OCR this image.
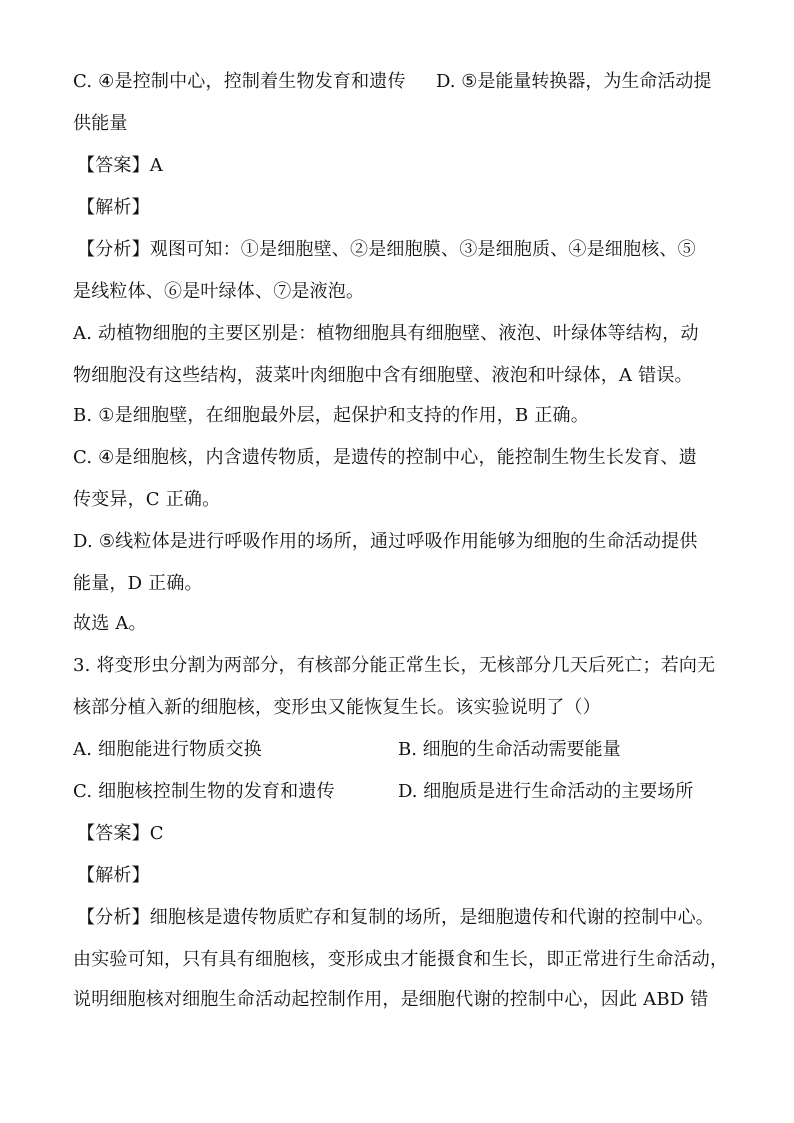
C. ④是控制中心，控制着生物发育和遗传 D. ⑤是能量转换器，为生命活动提
供能量
【答案】A
【解析】
【分析】观图可知：①是细胞壁、②是细胞膜、③是细胞质、④是细胞核、⑤
是线粒体、⑥是叶绿体、⑦是液泡。
A. 动植物细胞的主要区别是：植物细胞具有细胞壁、液泡、叶绿体等结构，动
物细胞没有这些结构，菠菜叶肉细胞中含有细胞壁、液泡和叶绿体，A 错误。
B. ①是细胞壁，在细胞最外层，起保护和支持的作用，B 正确。
C. ④是细胞核，内含遗传物质，是遗传的控制中心，能控制生物生长发育、遗
传变异，C 正确。
D. ⑤线粒体是进行呼吸作用的场所，通过呼吸作用能够为细胞的生命活动提供
能量，D 正确。
故选 A。
3. 将变形虫分割为两部分，有核部分能正常生长，无核部分几天后死亡；若向无
核部分植入新的细胞核，变形虫又能恢复生长。该实验说明了（）
A. 细胞能进行物质交换	B. 细胞的生命活动需要能量
C. 细胞核控制生物的发育和遗传	D. 细胞质是进行生命活动的主要场所
【答案】C
【解析】
【分析】细胞核是遗传物质贮存和复制的场所，是细胞遗传和代谢的控制中心。
由实验可知，只有具有细胞核，变形成虫才能摄食和生长，即正常进行生命活动，
说明细胞核对细胞生命活动起控制作用，是细胞代谢的控制中心，因此 ABD 错
